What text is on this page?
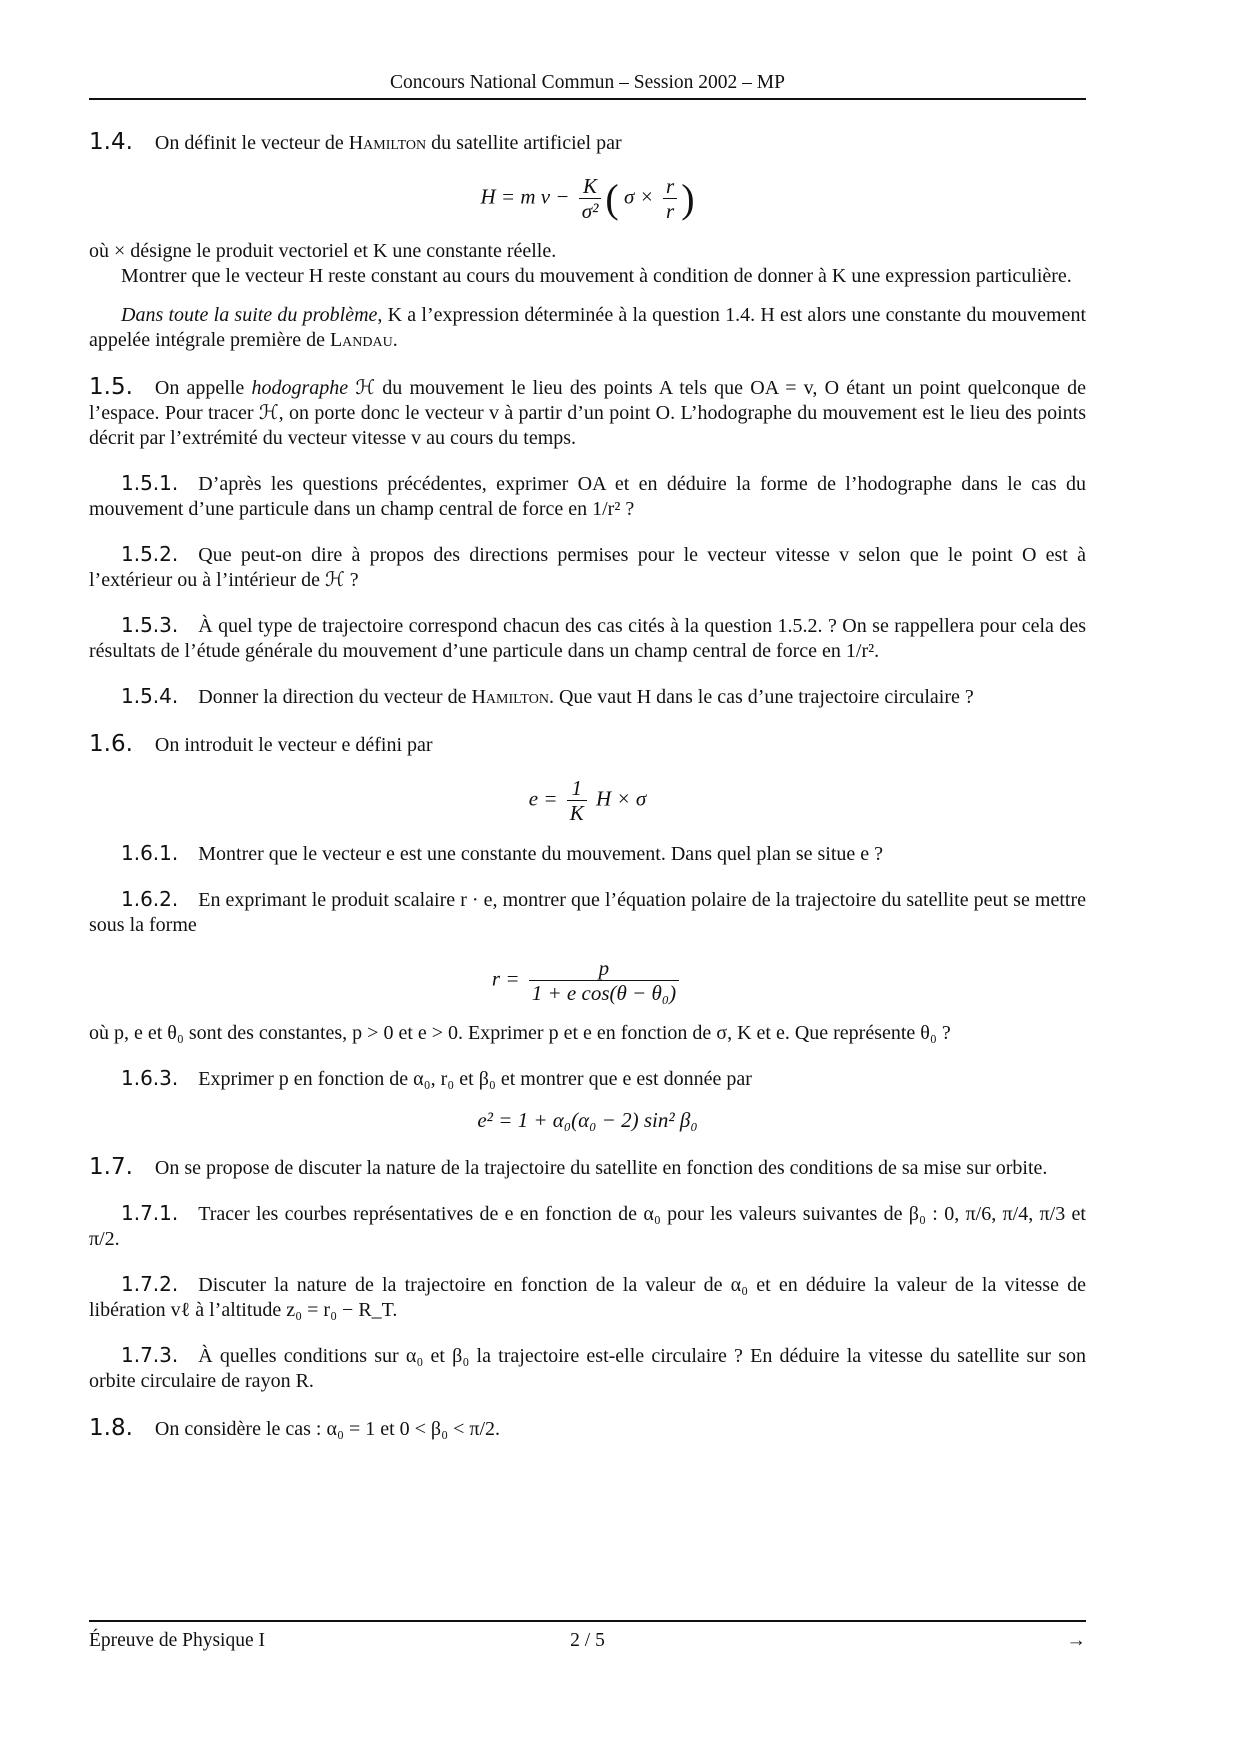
Concours National Commun – Session 2002 – MP

1.4. On définit le vecteur de Hamilton du satellite artificiel par

H = m $v - \frac{K}{\text{σ²}}$ ( $\sigma \times \frac{r}{r}$ )

où × désigne le produit vectoriel et K une constante réelle.

Montrer que le vecteur H reste constant au cours du mouvement à condition de donner à K une expression particulière.

Dans toute la suite du problème, K a l’expression déterminée à la question 1.4. H est alors une constante du mouvement appelée intégrale première de Landau.

1.5. On appelle hodographe ℋ du mouvement le lieu des points A tels que OA = v, O étant un point quelconque de l’espace. Pour tracer ℋ, on porte donc le vecteur v à partir d’un point O. L’hodographe du mouvement est le lieu des points décrit par l’extrémité du vecteur vitesse v au cours du temps.

1.5.1. D’après les questions précédentes, exprimer OA et en déduire la forme de l’hodographe dans le cas du mouvement d’une particule dans un champ central de force en 1/r² ?

1.5.2. Que peut-on dire à propos des directions permises pour le vecteur vitesse v selon que le point O est à l’extérieur ou à l’intérieur de ℋ ?

1.5.3. À quel type de trajectoire correspond chacun des cas cités à la question 1.5.2. ? On se rappellera pour cela des résultats de l’étude générale du mouvement d’une particule dans un champ central de force en 1/r².

1.5.4. Donner la direction du vecteur de Hamilton. Que vaut H dans le cas d’une trajectoire circulaire ?

1.6. On introduit le vecteur e défini par

$e = \frac{1}{K}$ H × σ

1.6.1. Montrer que le vecteur e est une constante du mouvement. Dans quel plan se situe e ?

1.6.2. En exprimant le produit scalaire r · e, montrer que l’équation polaire de la trajectoire du satellite peut se mettre sous la forme

$r = \frac{p}{\text{1 + e cos(θ − θ₀)}}$

où p, e et θ₀ sont des constantes, p > 0 et e > 0. Exprimer p et e en fonction de σ, K et e. Que représente θ₀ ?

1.6.3. Exprimer p en fonction de α₀, r₀ et β₀ et montrer que e est donnée par

e² = 1 + α₀(α₀ − 2) sin² β₀

1.7. On se propose de discuter la nature de la trajectoire du satellite en fonction des conditions de sa mise sur orbite.

1.7.1. Tracer les courbes représentatives de e en fonction de α₀ pour les valeurs suivantes de β₀ : 0, π/6, π/4, π/3 et π/2.

1.7.2. Discuter la nature de la trajectoire en fonction de la valeur de α₀ et en déduire la valeur de la vitesse de libération vℓ à l’altitude z₀ = r₀ − R_T.

1.7.3. À quelles conditions sur α₀ et β₀ la trajectoire est-elle circulaire ? En déduire la vitesse du satellite sur son orbite circulaire de rayon R.

1.8. On considère le cas : α₀ = 1 et 0 < β₀ < π/2.

Épreuve de Physique I	2 / 5	→
